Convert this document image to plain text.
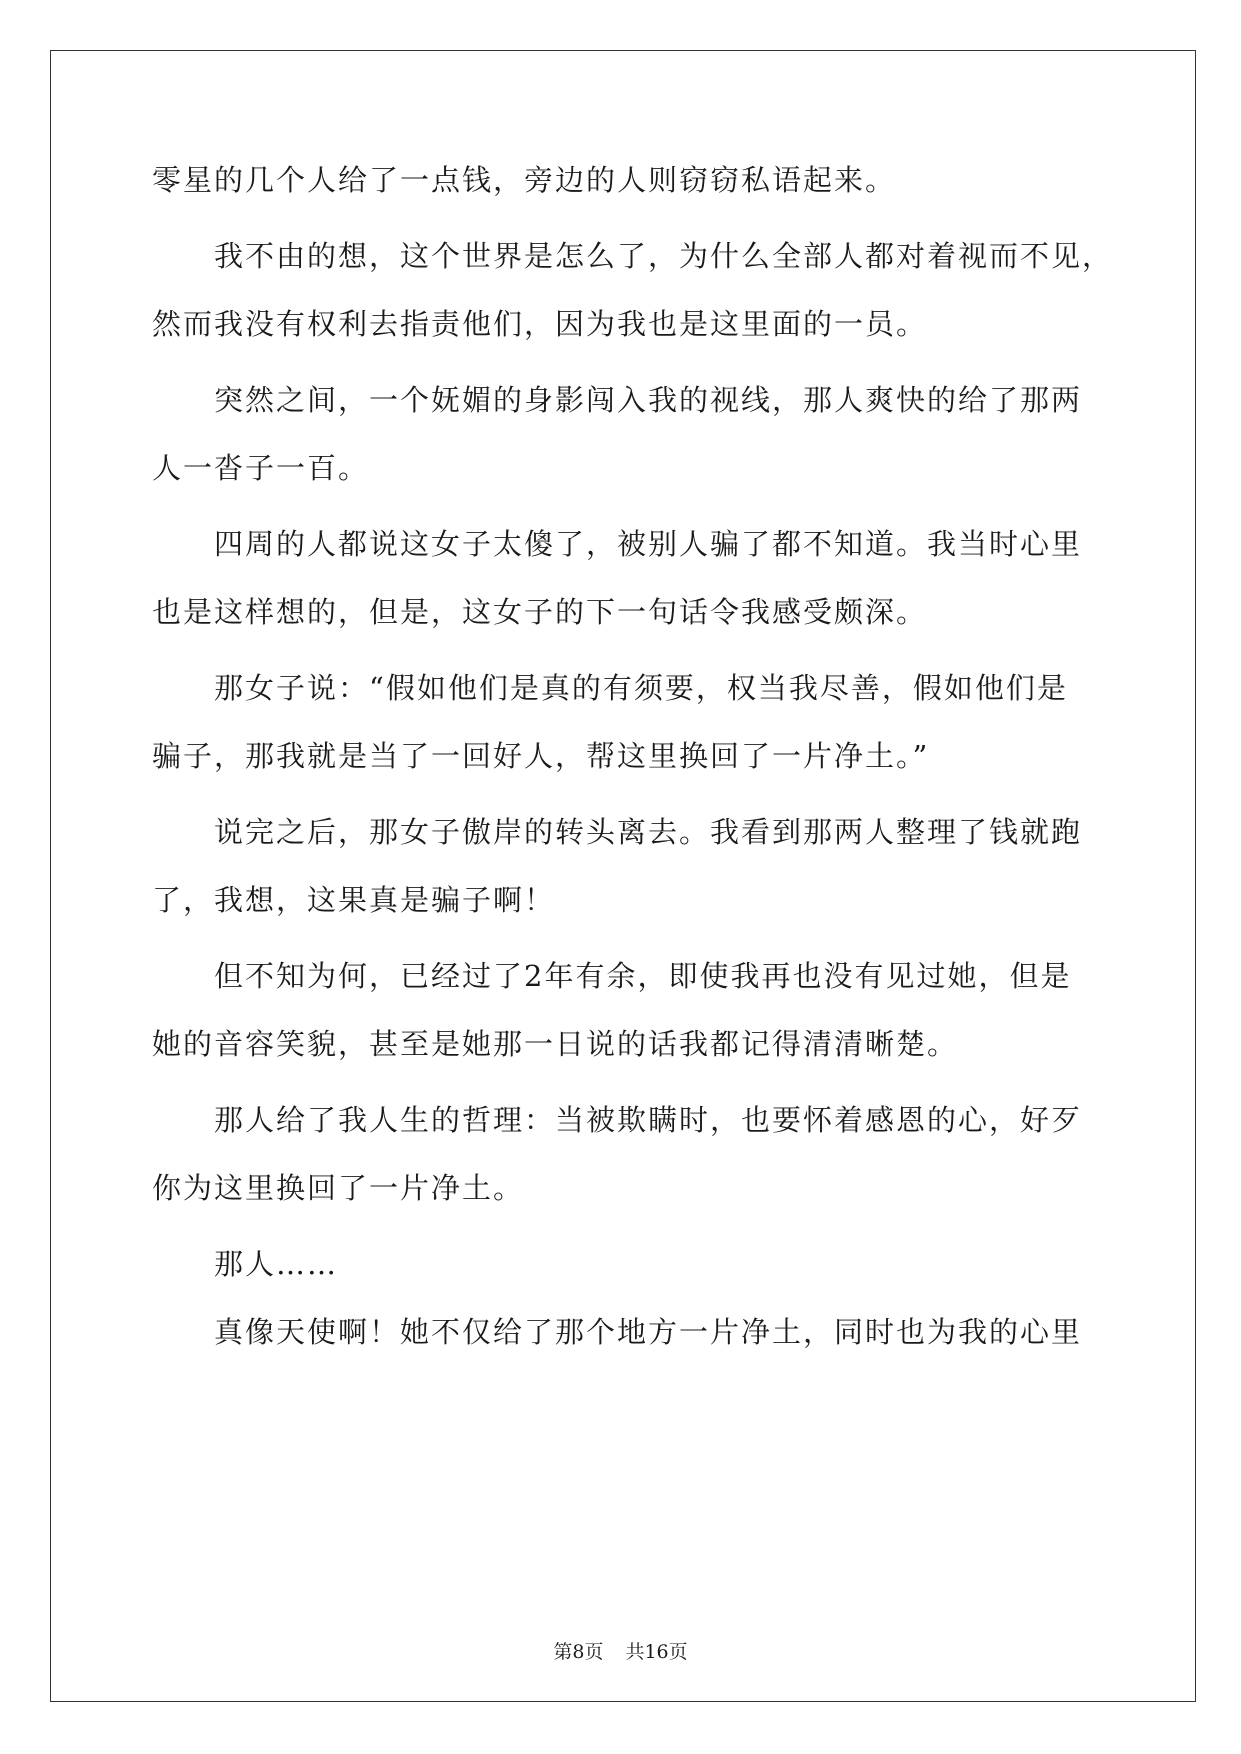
零星的几个人给了一点钱，旁边的人则窃窃私语起来。
我不由的想，这个世界是怎么了，为什么全部人都对着视而不见，
然而我没有权利去指责他们，因为我也是这里面的一员。
突然之间，一个妩媚的身影闯入我的视线，那人爽快的给了那两
人一沓子一百。
四周的人都说这女子太傻了，被别人骗了都不知道。我当时心里
也是这样想的，但是，这女子的下一句话令我感受颇深。
那女子说：“假如他们是真的有须要，权当我尽善，假如他们是
骗子，那我就是当了一回好人，帮这里换回了一片净土。”
说完之后，那女子傲岸的转头离去。我看到那两人整理了钱就跑
了，我想，这果真是骗子啊！
但不知为何，已经过了2年有余，即使我再也没有见过她，但是
她的音容笑貌，甚至是她那一日说的话我都记得清清晰楚。
那人给了我人生的哲理：当被欺瞒时，也要怀着感恩的心，好歹
你为这里换回了一片净土。
那人……
真像天使啊！她不仅给了那个地方一片净土，同时也为我的心里
第8页 共16页
